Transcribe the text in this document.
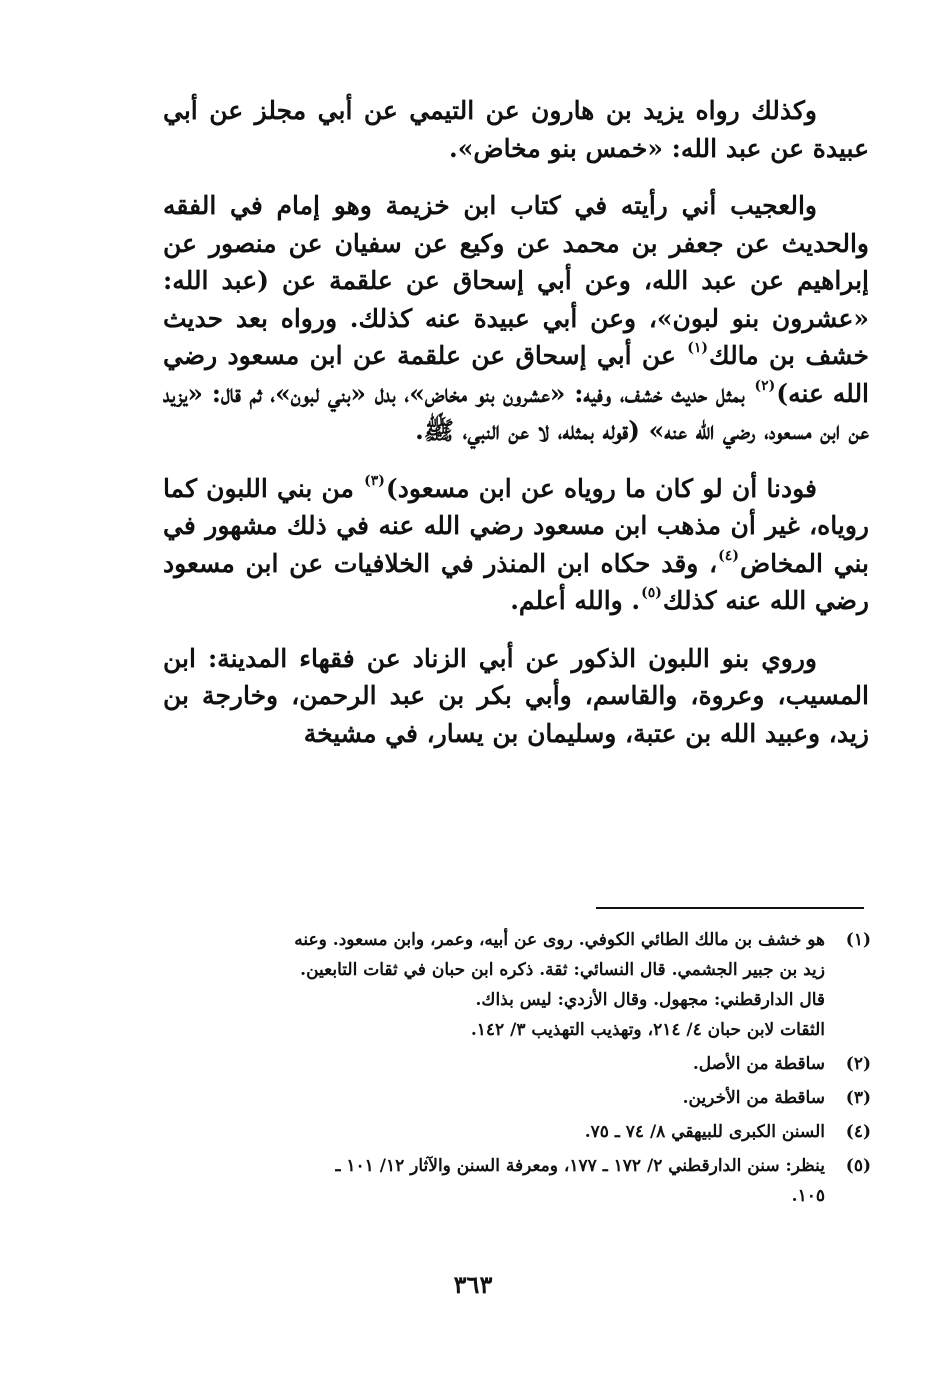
وكذلك رواه يزيد بن هارون عن التيمي عن أبي مجلز عن أبي عبيدة عن عبد الله: «خمس بنو مخاض».

والعجيب أني رأيته في كتاب ابن خزيمة وهو إمام في الفقه والحديث عن جعفر بن محمد عن وكيع عن سفيان عن منصور عن إبراهيم عن عبد الله، وعن أبي إسحاق عن علقمة عن (عبد الله: «عشرون بنو لبون»، وعن أبي عبيدة عنه كذلك. ورواه بعد حديث خشف بن مالك$^{(١)}$ عن أبي إسحاق عن علقمة عن ابن مسعود رضي الله عنه)$^{(٢)}$ بمثل حديث خشف، وفيه: «عشرون بنو مخاض»، بدل «بني لبون»، ثم قال: «يزيد عن ابن مسعود، رضي الله عنه» (قوله بمثله، لا عن النبي، ﷺ.

فودنا أن لو كان ما روياه عن ابن مسعود)$^{(٣)}$ من بني اللبون كما روياه، غير أن مذهب ابن مسعود رضي الله عنه في ذلك مشهور في بني المخاض$^{(٤)}$، وقد حكاه ابن المنذر في الخلافيات عن ابن مسعود رضي الله عنه كذلك$^{(٥)}$. والله أعلم.

وروي بنو اللبون الذكور عن أبي الزناد عن فقهاء المدينة: ابن المسيب، وعروة، والقاسم، وأبي بكر بن عبد الرحمن، وخارجة بن زيد، وعبيد الله بن عتبة، وسليمان بن يسار، في مشيخة

(١)
هو خشف بن مالك الطائي الكوفي. روى عن أبيه، وعمر، وابن مسعود. وعنه
زيد بن جبير الجشمي. قال النسائي: ثقة. ذكره ابن حبان في ثقات التابعين.
قال الدارقطني: مجهول. وقال الأزدي: ليس بذاك.
الثقات لابن حبان ٤/ ٢١٤، وتهذيب التهذيب ٣/ ١٤٢.
(٢)
ساقطة من الأصل.
(٣)
ساقطة من الأخرين.
(٤)
السنن الكبرى للبيهقي ٨/ ٧٤ ـ ٧٥.
(٥)
ينظر: سنن الدارقطني ٢/ ١٧٢ ـ ١٧٧، ومعرفة السنن والآثار ١٢/ ١٠١ ـ
١٠٥.
٣٦٣
